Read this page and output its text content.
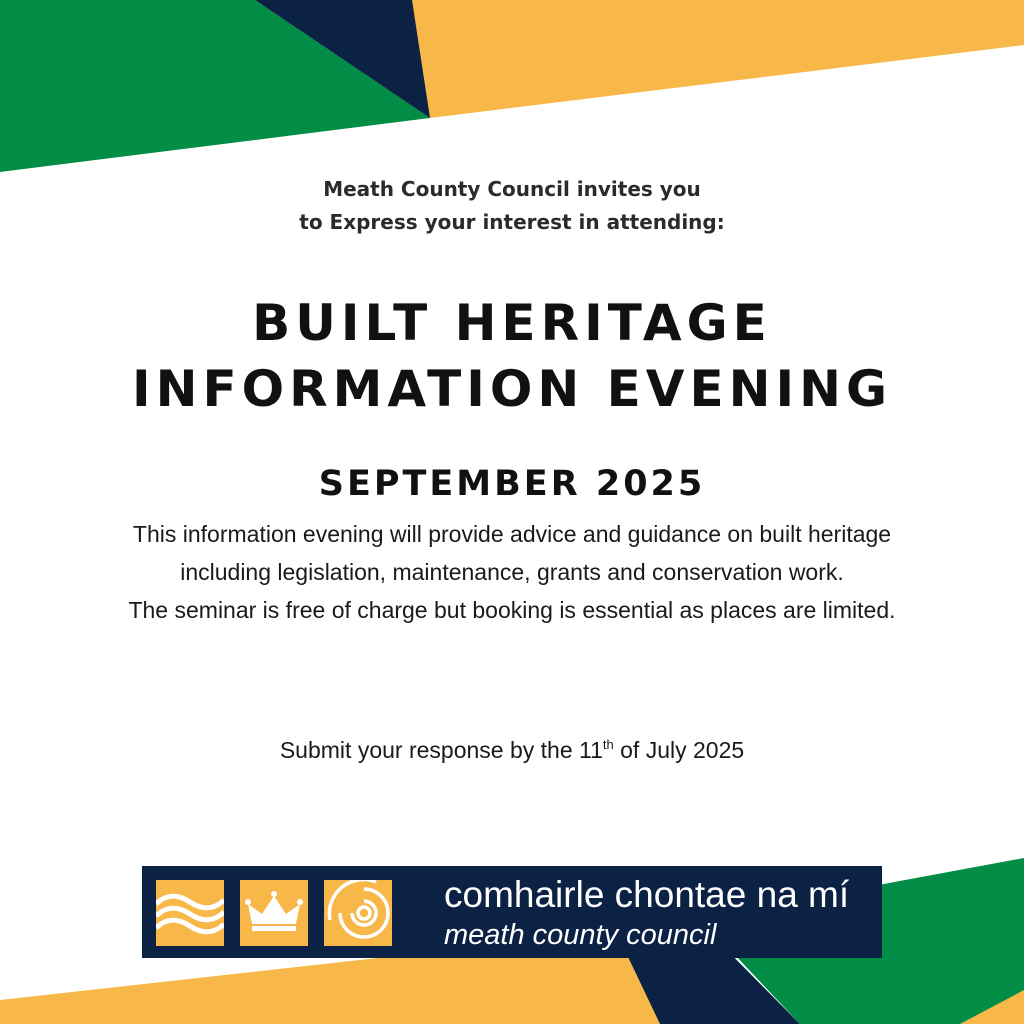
Meath County Council invites you
to Express your interest in attending:
BUILT HERITAGE
INFORMATION EVENING
SEPTEMBER 2025
This information evening will provide advice and guidance on built heritage including legislation, maintenance, grants and conservation work.
The seminar is free of charge but booking is essential as places are limited.
Submit your response by the 11th of July 2025
comhairle chontae na mí
meath county council
